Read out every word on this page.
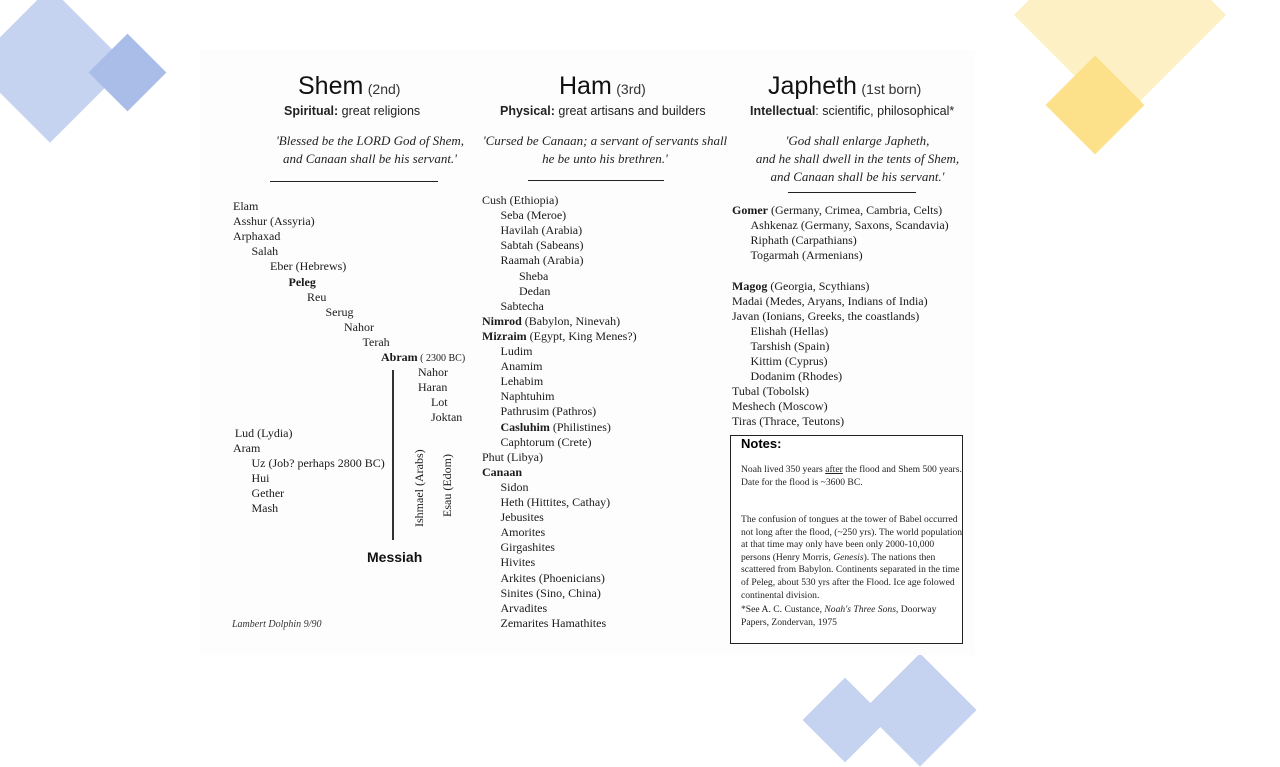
Shem (2nd)
Spiritual: great religions
'Blessed be the LORD God of Shem,
and Canaan shall be his servant.'
Ham (3rd)
Physical: great artisans and builders
'Cursed be Canaan; a servant of servants shall
he be unto his brethren.'
Japheth (1st born)
Intellectual: scientific, philosophical*
'God shall enlarge Japheth,
and he shall dwell in the tents of Shem,
and Canaan shall be his servant.'
Elam
Asshur (Assyria)
Arphaxad
Salah
Eber (Hebrews)
Peleg
Reu
Serug
Nahor
Terah
Abram ( 2300 BC)
Nahor
Haran
Lot
Joktan
Lud (Lydia)
Aram
Uz (Job? perhaps 2800 BC)
Hui
Gether
Mash
Cush (Ethiopia)
Seba (Meroe)
Havilah (Arabia)
Sabtah (Sabeans)
Raamah (Arabia)
Sheba
Dedan
Sabtecha
Nimrod (Babylon, Ninevah)
Mizraim (Egypt, King Menes?)
Ludim
Anamim
Lehabim
Naphtuhim
Pathrusim (Pathros)
Casluhim (Philistines)
Caphtorum (Crete)
Phut (Libya)
Canaan
Sidon
Heth (Hittites, Cathay)
Jebusites
Amorites
Girgashites
Hivites
Arkites (Phoenicians)
Sinites (Sino, China)
Arvadites
Zemarites Hamathites
Gomer (Germany, Crimea, Cambria, Celts)
Ashkenaz (Germany, Saxons, Scandavia)
Riphath (Carpathians)
Togarmah (Armenians)
Magog (Georgia, Scythians)
Madai (Medes, Aryans, Indians of India)
Javan (Ionians, Greeks, the coastlands)
Elishah (Hellas)
Tarshish (Spain)
Kittim (Cyprus)
Dodanim (Rhodes)
Tubal (Tobolsk)
Meshech (Moscow)
Tiras (Thrace, Teutons)
Ishmael (Arabs) Esau (Edom)
Messiah
Lambert Dolphin 9/90
Notes:

Noah lived 350 years after the flood and Shem 500 years. Date for the flood is ~3600 BC.

The confusion of tongues at the tower of Babel occurred not long after the flood, (~250 yrs). The world population at that time may only have been only 2000-10,000 persons (Henry Morris, Genesis). The nations then scattered from Babylon. Continents separated in the time of Peleg, about 530 yrs after the Flood. Ice age folowed continental division.

*See A. C. Custance, Noah's Three Sons, Doorway Papers, Zondervan, 1975
